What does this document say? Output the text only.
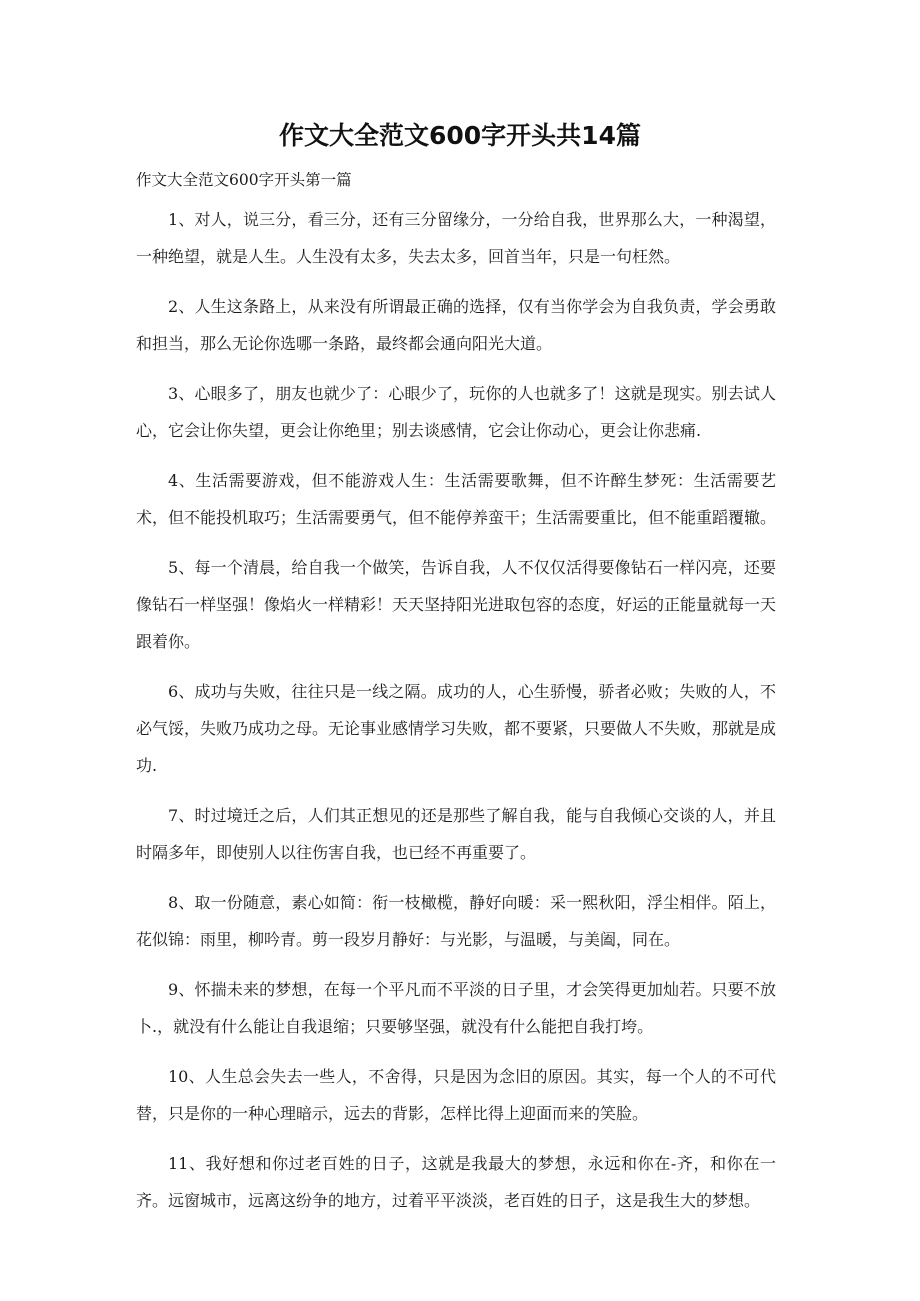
作文大全范文600字开头共14篇

作文大全范文600字开头第一篇

1、对人，说三分，看三分，还有三分留缘分，一分给自我，世界那么大，一种渴望，一种绝望，就是人生。人生没有太多，失去太多，回首当年，只是一句枉然。

2、人生这条路上，从来没有所谓最正确的选择，仅有当你学会为自我负责，学会勇敢和担当，那么无论你选哪一条路，最终都会通向阳光大道。

3、心眼多了，朋友也就少了：心眼少了，玩你的人也就多了！这就是现实。别去试人心，它会让你失望，更会让你绝里；别去谈感情，它会让你动心，更会让你悲痛.

4、生活需要游戏，但不能游戏人生：生活需要歌舞，但不许醉生梦死：生活需要艺术，但不能投机取巧；生活需要勇气，但不能停养蛮干；生活需要重比，但不能重蹈覆辙。

5、每一个清晨，给自我一个做笑，告诉自我，人不仅仅活得要像钻石一样闪亮，还要像钻石一样坚强！像焰火一样精彩！天天坚持阳光进取包容的态度，好运的正能量就每一天跟着你。

6、成功与失败，往往只是一线之隔。成功的人，心生骄慢，骄者必败；失败的人，不必气馁，失败乃成功之母。无论事业感情学习失败，都不要紧，只要做人不失败，那就是成功.

7、时过境迁之后，人们其正想见的还是那些了解自我，能与自我倾心交谈的人，并且时隔多年，即使别人以往伤害自我，也已经不再重要了。

8、取一份随意，素心如简：衔一枝橄榄，静好向暖：采一熙秋阳，浮尘相伴。陌上，花似锦：雨里，柳吟青。剪一段岁月静好：与光影，与温暖，与美阖，同在。

9、怀揣未来的梦想，在每一个平凡而不平淡的日子里，才会笑得更加灿若。只要不放卜.，就没有什么能让自我退缩；只要够坚强，就没有什么能把自我打垮。

10、人生总会失去一些人，不舍得，只是因为念旧的原因。其实，每一个人的不可代替，只是你的一种心理暗示，远去的背影，怎样比得上迎面而来的笑脸。

11、我好想和你过老百姓的日子，这就是我最大的梦想，永远和你在-齐，和你在一齐。远窗城市，远离这纷争的地方，过着平平淡淡，老百姓的日子，这是我生大的梦想。
